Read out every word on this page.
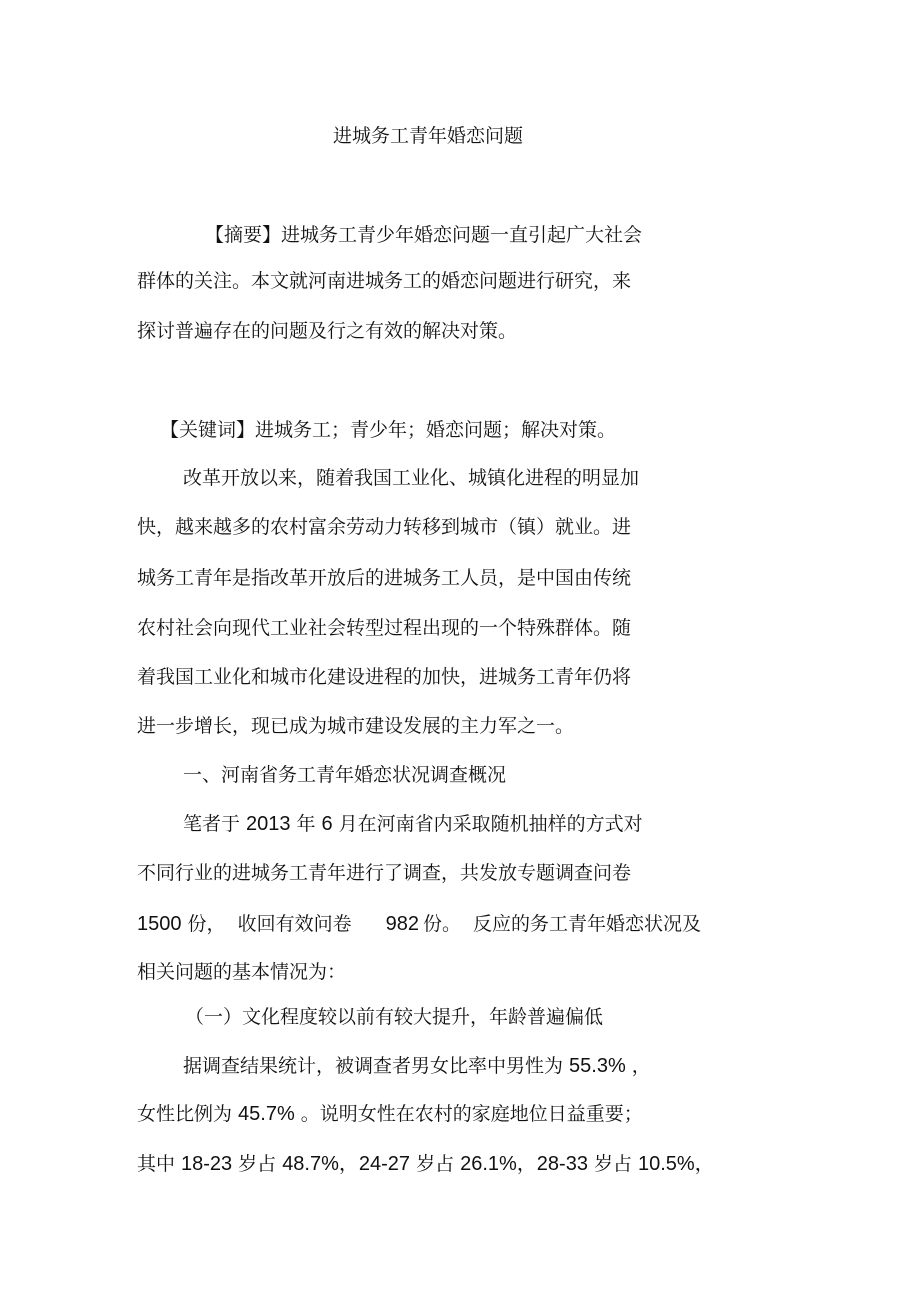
进城务工青年婚恋问题

【摘要】进城务工青少年婚恋问题一直引起广大社会

群体的关注。本文就河南进城务工的婚恋问题进行研究，来

探讨普遍存在的问题及行之有效的解决对策。

【关键词】进城务工；青少年；婚恋问题；解决对策。

改革开放以来，随着我国工业化、城镇化进程的明显加

快，越来越多的农村富余劳动力转移到城市（镇）就业。进

城务工青年是指改革开放后的进城务工人员，是中国由传统

农村社会向现代工业社会转型过程出现的一个特殊群体。随

着我国工业化和城市化建设进程的加快，进城务工青年仍将

进一步增长，现已成为城市建设发展的主力军之一。

一、河南省务工青年婚恋状况调查概况

笔者于 2013 年 6 月在河南省内采取随机抽样的方式对

不同行业的进城务工青年进行了调查，共发放专题调查问卷

1500 份，  收回有效问卷 982 份。  反应的务工青年婚恋状况及

相关问题的基本情况为：

（一）文化程度较以前有较大提升，年龄普遍偏低

据调查结果统计，被调查者男女比率中男性为 55.3% ，

女性比例为 45.7% 。说明女性在农村的家庭地位日益重要；

其中 18-23 岁占 48.7%，24-27 岁占 26.1%，28-33 岁占 10.5%，
